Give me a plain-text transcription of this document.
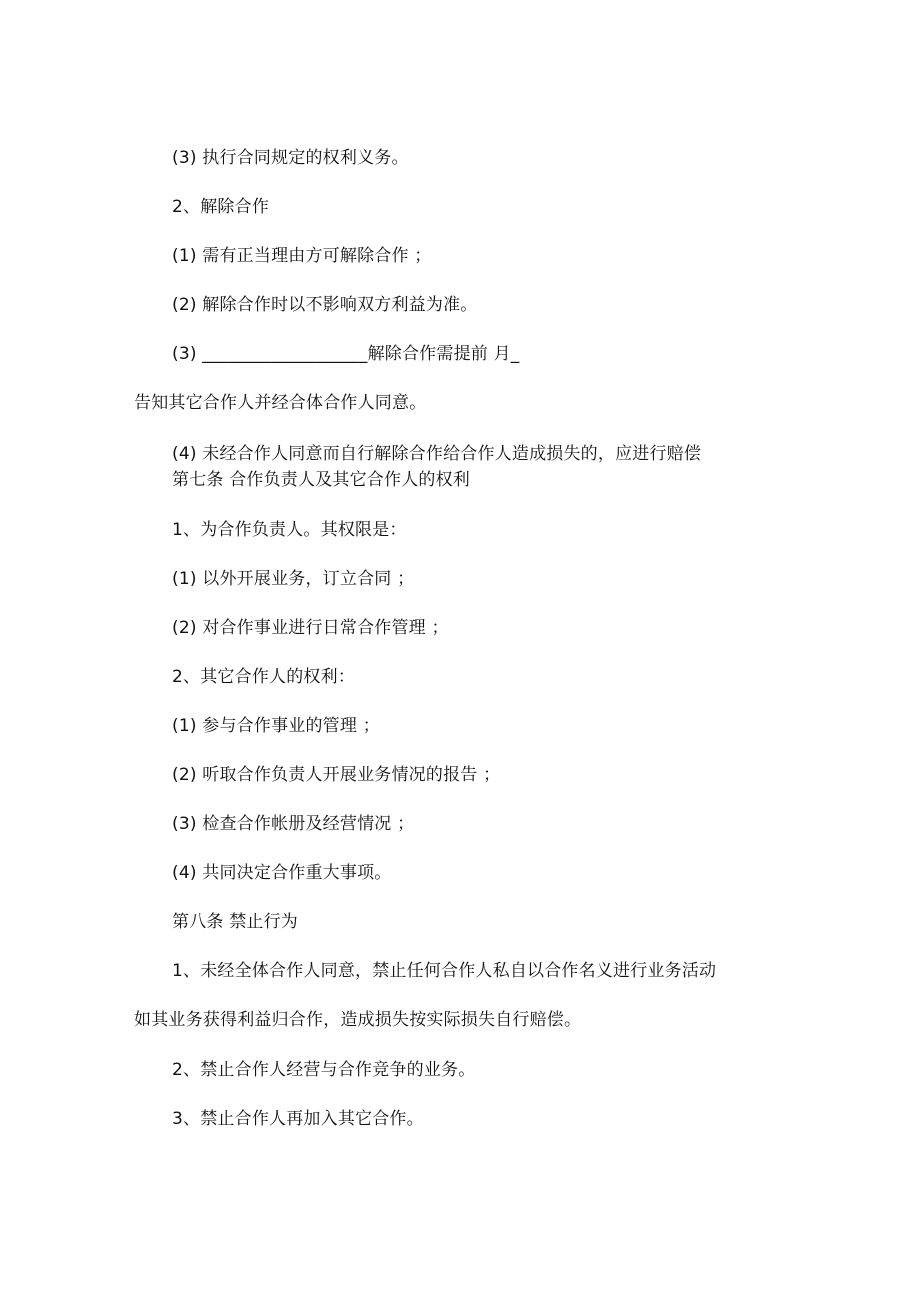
(3) 执行合同规定的权利义务。
2、解除合作
(1) 需有正当理由方可解除合作 ；
(2) 解除合作时以不影响双方利益为准。
(3) ___________________解除合作需提前 月_
告知其它合作人并经合体合作人同意。
(4) 未经合作人同意而自行解除合作给合作人造成损失的，应进行赔偿
第七条 合作负责人及其它合作人的权利
1、为合作负责人。其权限是：
(1) 以外开展业务，订立合同 ；
(2) 对合作事业进行日常合作管理 ；
2、其它合作人的权利：
(1) 参与合作事业的管理 ；
(2) 听取合作负责人开展业务情况的报告 ；
(3) 检查合作帐册及经营情况 ；
(4) 共同决定合作重大事项。
第八条 禁止行为
1、未经全体合作人同意，禁止任何合作人私自以合作名义进行业务活动
如其业务获得利益归合作，造成损失按实际损失自行赔偿。
2、禁止合作人经营与合作竞争的业务。
3、禁止合作人再加入其它合作。
